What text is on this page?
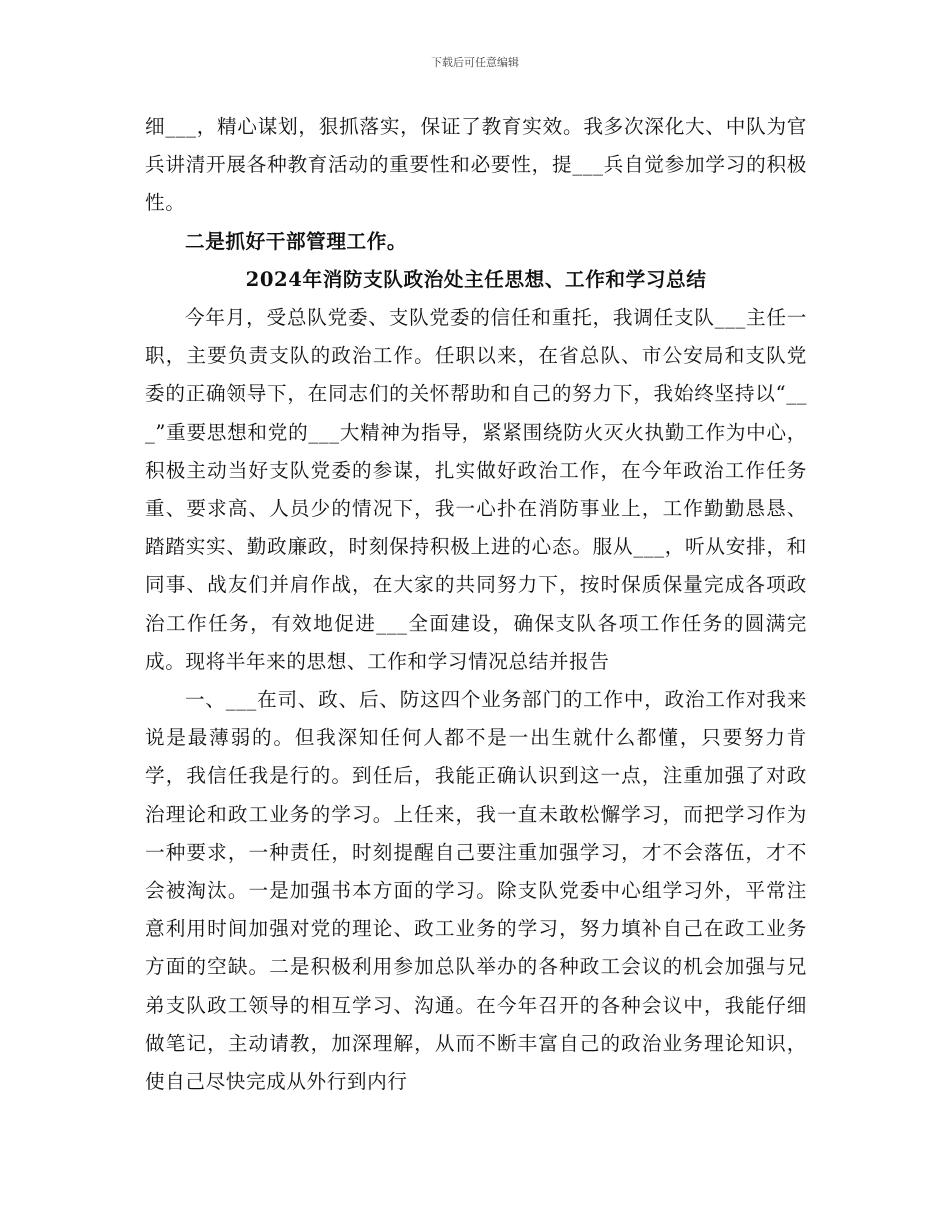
下载后可任意编辑

细___，精心谋划，狠抓落实，保证了教育实效。我多次深化大、中队为官兵讲清开展各种教育活动的重要性和必要性，提___兵自觉参加学习的积极性。

二是抓好干部管理工作。

2024年消防支队政治处主任思想、工作和学习总结

今年月，受总队党委、支队党委的信任和重托，我调任支队___主任一职，主要负责支队的政治工作。任职以来，在省总队、市公安局和支队党委的正确领导下，在同志们的关怀帮助和自己的努力下，我始终坚持以“___”重要思想和党的___大精神为指导，紧紧围绕防火灭火执勤工作为中心，积极主动当好支队党委的参谋，扎实做好政治工作，在今年政治工作任务重、要求高、人员少的情况下，我一心扑在消防事业上，工作勤勤恳恳、踏踏实实、勤政廉政，时刻保持积极上进的心态。服从___，听从安排，和同事、战友们并肩作战，在大家的共同努力下，按时保质保量完成各项政治工作任务，有效地促进___全面建设，确保支队各项工作任务的圆满完成。现将半年来的思想、工作和学习情况总结并报告

一、___在司、政、后、防这四个业务部门的工作中，政治工作对我来说是最薄弱的。但我深知任何人都不是一出生就什么都懂，只要努力肯学，我信任我是行的。到任后，我能正确认识到这一点，注重加强了对政治理论和政工业务的学习。上任来，我一直未敢松懈学习，而把学习作为一种要求，一种责任，时刻提醒自己要注重加强学习，才不会落伍，才不会被淘汰。一是加强书本方面的学习。除支队党委中心组学习外，平常注意利用时间加强对党的理论、政工业务的学习，努力填补自己在政工业务方面的空缺。二是积极利用参加总队举办的各种政工会议的机会加强与兄弟支队政工领导的相互学习、沟通。在今年召开的各种会议中，我能仔细做笔记，主动请教，加深理解，从而不断丰富自己的政治业务理论知识，使自己尽快完成从外行到内行
